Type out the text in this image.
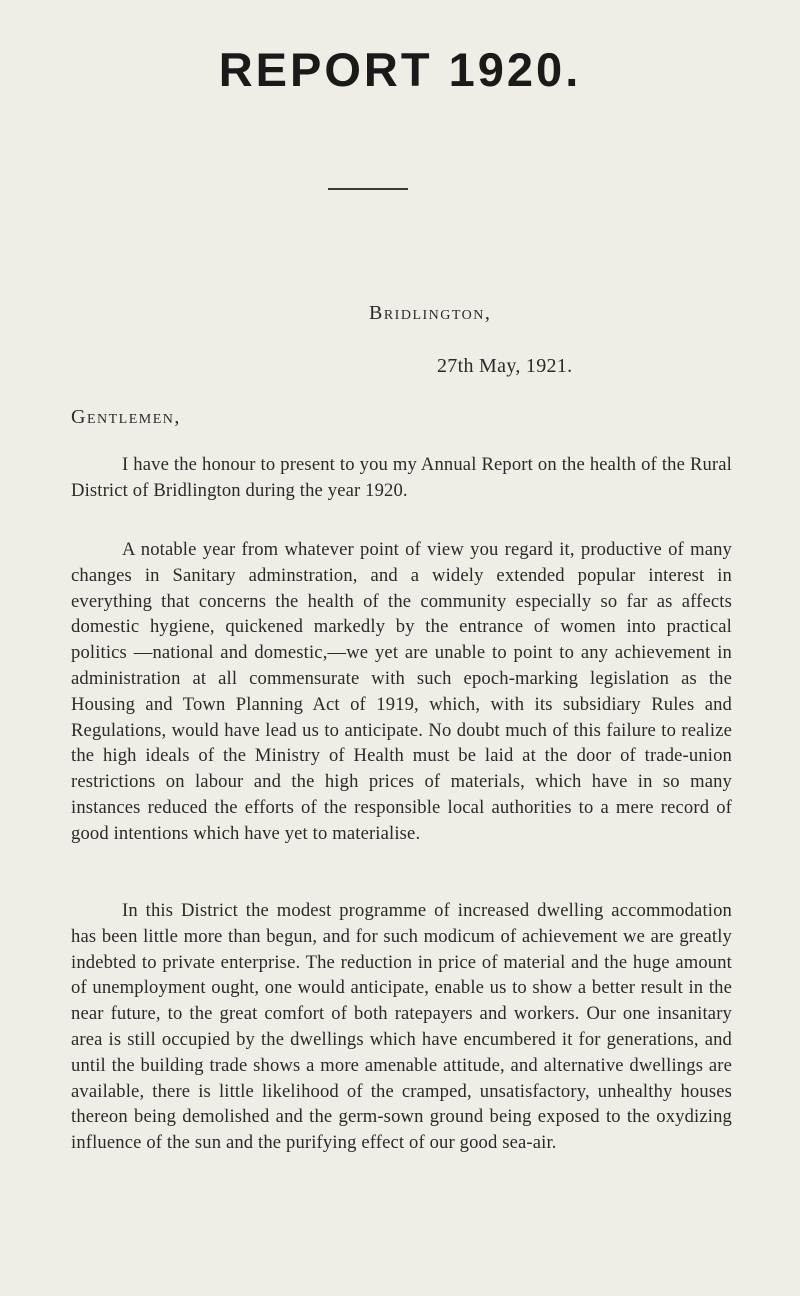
REPORT 1920.
Bridlington,
27th May, 1921.
Gentlemen,

I have the honour to present to you my Annual Report on the health of the Rural District of Bridlington during the year 1920.

A notable year from whatever point of view you regard it, productive of many changes in Sanitary adminstration, and a widely extended popular interest in everything that concerns the health of the community especially so far as affects domestic hygiene, quickened markedly by the entrance of women into practical politics —national and domestic,—we yet are unable to point to any achievement in administration at all commensurate with such epoch-marking legislation as the Housing and Town Planning Act of 1919, which, with its subsidiary Rules and Regulations, would have lead us to anticipate. No doubt much of this failure to realize the high ideals of the Ministry of Health must be laid at the door of trade-union restrictions on labour and the high prices of materials, which have in so many instances reduced the efforts of the responsible local authorities to a mere record of good intentions which have yet to materialise.

In this District the modest programme of increased dwelling accommodation has been little more than begun, and for such modicum of achievement we are greatly indebted to private enterprise. The reduction in price of material and the huge amount of unemployment ought, one would anticipate, enable us to show a better result in the near future, to the great comfort of both ratepayers and workers. Our one insanitary area is still occupied by the dwellings which have encumbered it for generations, and until the building trade shows a more amenable attitude, and alternative dwellings are available, there is little likelihood of the cramped, unsatisfactory, unhealthy houses thereon being demolished and the germ-sown ground being exposed to the oxydizing influence of the sun and the purifying effect of our good sea-air.
